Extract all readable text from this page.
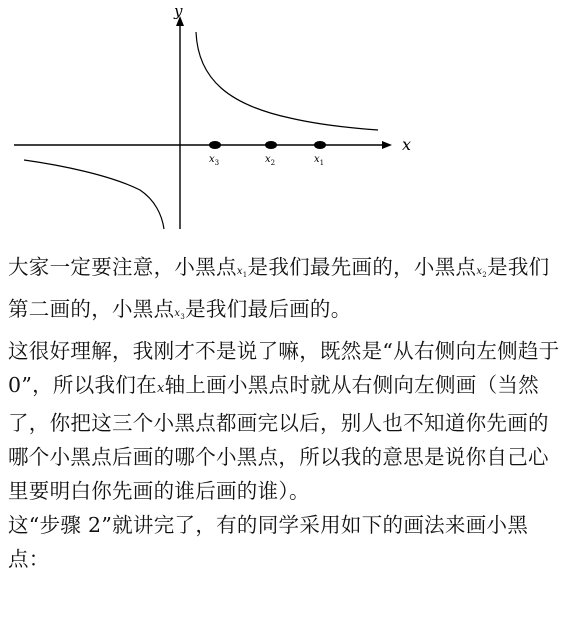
x
y
$x_3$	$x_2$	$x_1$

大家一定要注意，小黑点$x_1$是我们最先画的，小黑点$x_2$是我们第二画的，小黑点$x_3$是我们最后画的。

这很好理解，我刚才不是说了嘛，既然是“从右侧向左侧趋于 0”，所以我们在x轴上画小黑点时就从右侧向左侧画（当然了，你把这三个小黑点都画完以后，别人也不知道你先画的哪个小黑点后画的哪个小黑点，所以我的意思是说你自己心里要明白你先画的谁后画的谁）。

这“步骤 2”就讲完了，有的同学采用如下的画法来画小黑点：
